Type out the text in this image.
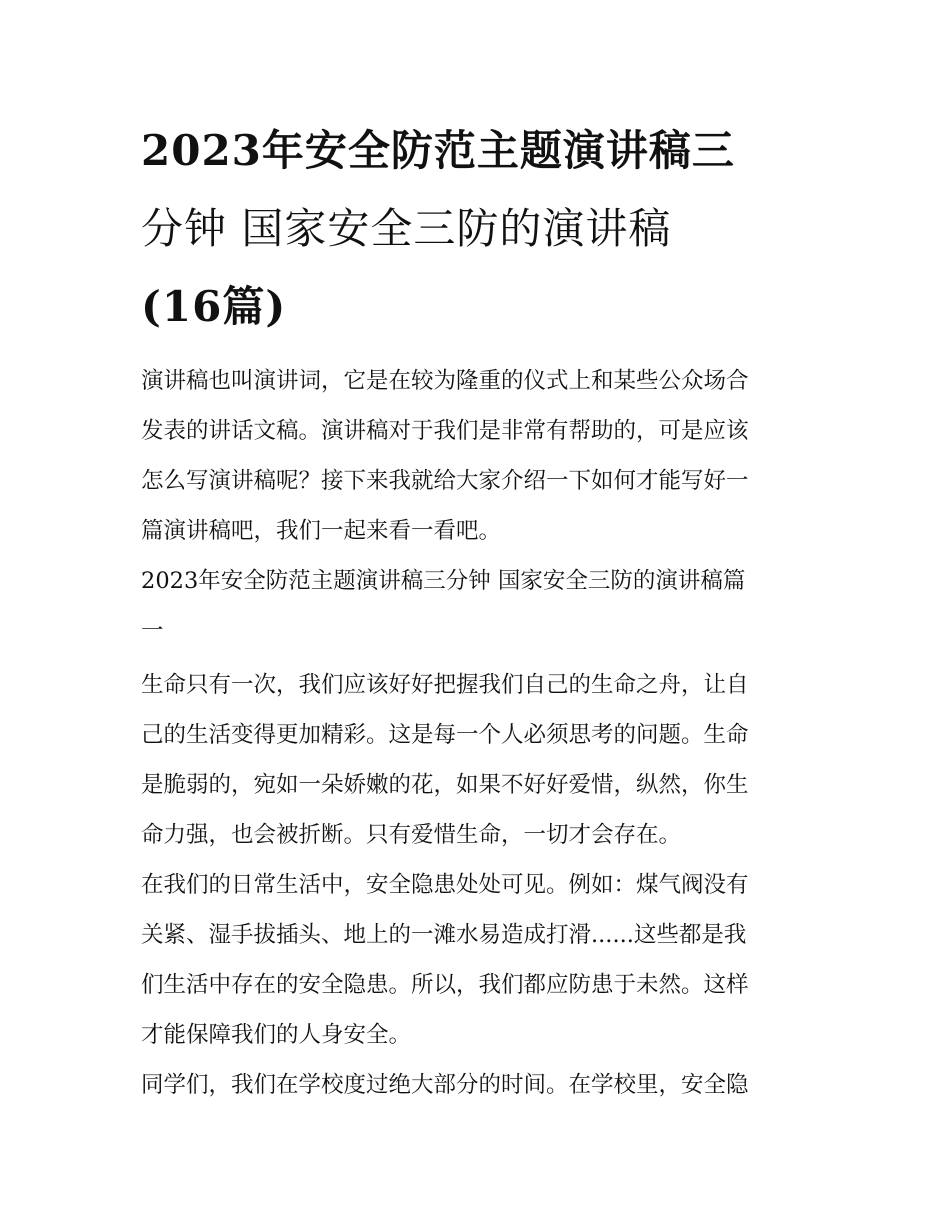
2023年安全防范主题演讲稿三
分钟 国家安全三防的演讲稿
(16篇)

演讲稿也叫演讲词，它是在较为隆重的仪式上和某些公众场合
发表的讲话文稿。演讲稿对于我们是非常有帮助的，可是应该
怎么写演讲稿呢？接下来我就给大家介绍一下如何才能写好一
篇演讲稿吧，我们一起来看一看吧。

2023年安全防范主题演讲稿三分钟 国家安全三防的演讲稿篇
一

生命只有一次，我们应该好好把握我们自己的生命之舟，让自
己的生活变得更加精彩。这是每一个人必须思考的问题。生命
是脆弱的，宛如一朵娇嫩的花，如果不好好爱惜，纵然，你生
命力强，也会被折断。只有爱惜生命，一切才会存在。

在我们的日常生活中，安全隐患处处可见。例如：煤气阀没有
关紧、湿手拔插头、地上的一滩水易造成打滑......这些都是我
们生活中存在的安全隐患。所以，我们都应防患于未然。这样
才能保障我们的人身安全。

同学们，我们在学校度过绝大部分的时间。在学校里，安全隐
